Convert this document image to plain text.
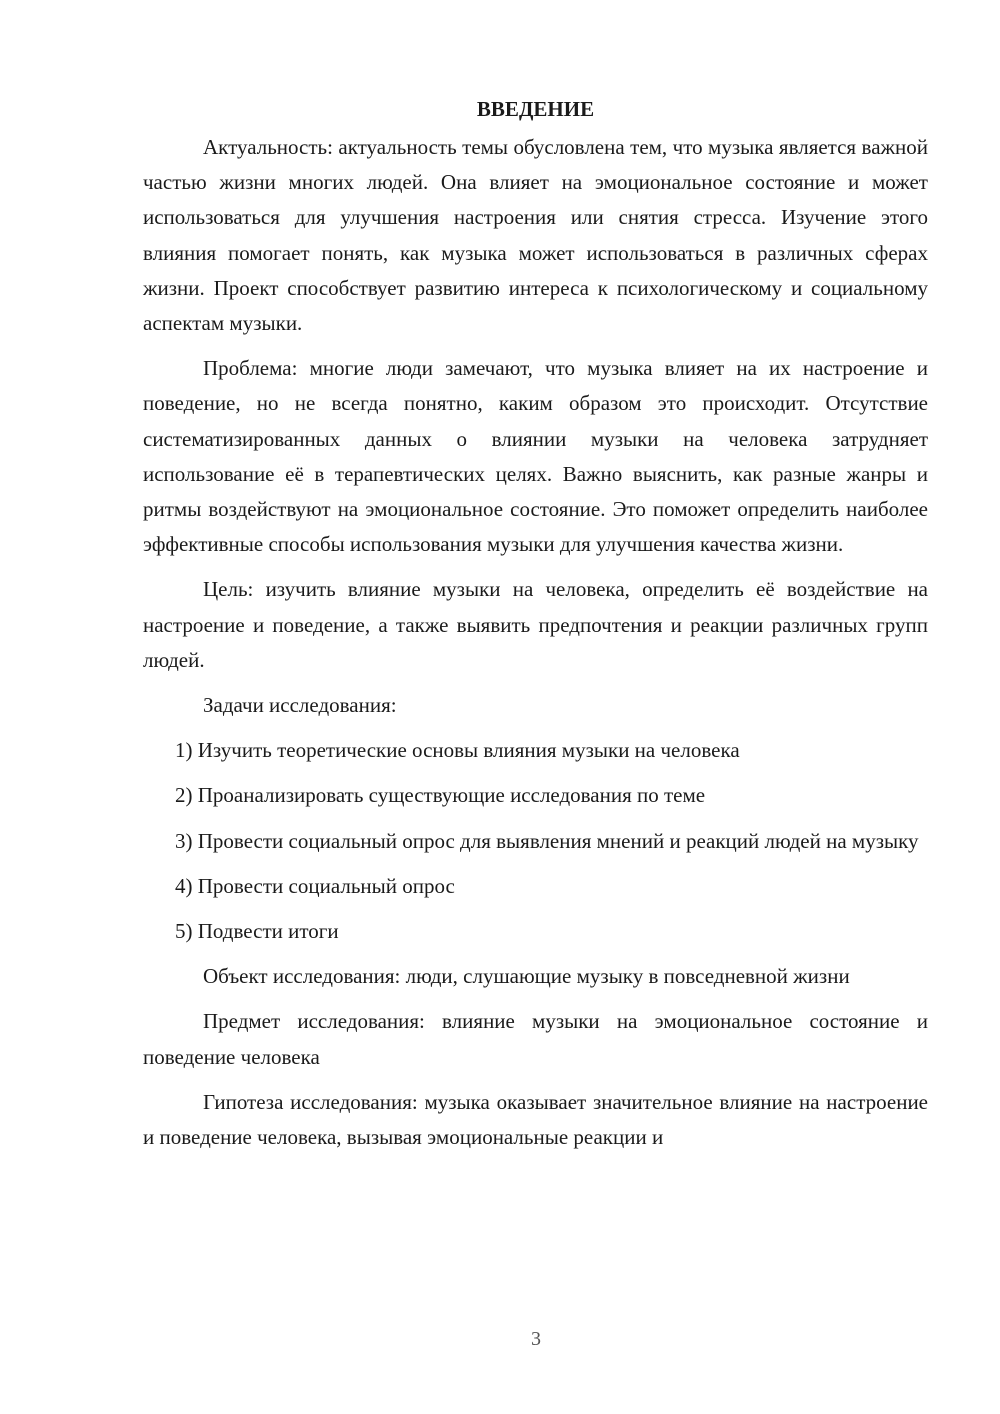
ВВЕДЕНИЕ

Актуальность: актуальность темы обусловлена тем, что музыка является важной частью жизни многих людей. Она влияет на эмоциональное состояние и может использоваться для улучшения настроения или снятия стресса. Изучение этого влияния помогает понять, как музыка может использоваться в различных сферах жизни. Проект способствует развитию интереса к психологическому и социальному аспектам музыки.

Проблема: многие люди замечают, что музыка влияет на их настроение и поведение, но не всегда понятно, каким образом это происходит. Отсутствие систематизированных данных о влиянии музыки на человека затрудняет использование её в терапевтических целях. Важно выяснить, как разные жанры и ритмы воздействуют на эмоциональное состояние. Это поможет определить наиболее эффективные способы использования музыки для улучшения качества жизни.

Цель: изучить влияние музыки на человека, определить её воздействие на настроение и поведение, а также выявить предпочтения и реакции различных групп людей.

Задачи исследования:

1) Изучить теоретические основы влияния музыки на человека

2) Проанализировать существующие исследования по теме

3) Провести социальный опрос для выявления мнений и реакций людей на музыку

4) Провести социальный опрос

5) Подвести итоги

Объект исследования: люди, слушающие музыку в повседневной жизни

Предмет исследования: влияние музыки на эмоциональное состояние и поведение человека

Гипотеза исследования: музыка оказывает значительное влияние на настроение и поведение человека, вызывая эмоциональные реакции и

3
